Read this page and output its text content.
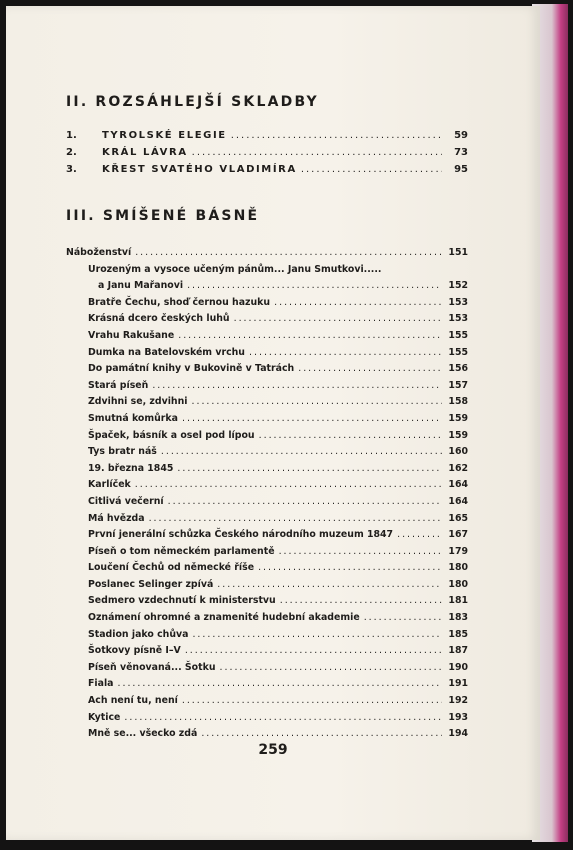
II. ROZSÁHLEJŠÍ SKLADBY
1.	TYROLSKÉ ELEGIE .....	59
2.	KRÁL LÁVRA .....	73
3.	KŘEST SVATÉHO VLADIMÍRA .....	95
III. SMÍŠENÉ BÁSNĚ
Náboženství .....	151
Urozeným a vysoce učeným pánům... Janu Smutkovi.....
a Janu Mařanovi .....	152
Bratře Čechu, shoď černou hazuku .....	153
Krásná dcero českých luhů .....	153
Vrahu Rakušane .....	155
Dumka na Batelovském vrchu .....	155
Do památní knihy v Bukovině v Tatrách .....	156
Stará píseň .....	157
Zdvihni se, zdvihni .....	158
Smutná komůrka .....	159
Špaček, básník a osel pod lípou .....	159
Tys bratr náš .....	160
19. března 1845 .....	162
Karlíček .....	164
Citlivá večerní .....	164
Má hvězda .....	165
První jenerální schůzka Českého národního muzeum 1847 .....	167
Píseň o tom německém parlamentě .....	179
Loučení Čechů od německé říše .....	180
Poslanec Selinger zpívá .....	180
Sedmero vzdechnutí k ministerstvu .....	181
Oznámení ohromné a znamenité hudební akademie .....	183
Stadion jako chůva .....	185
Šotkovy písně I–V .....	187
Píseň věnovaná... Šotku .....	190
Fiala .....	191
Ach není tu, není .....	192
Kytice .....	193
Mně se... všecko zdá .....	194
259
